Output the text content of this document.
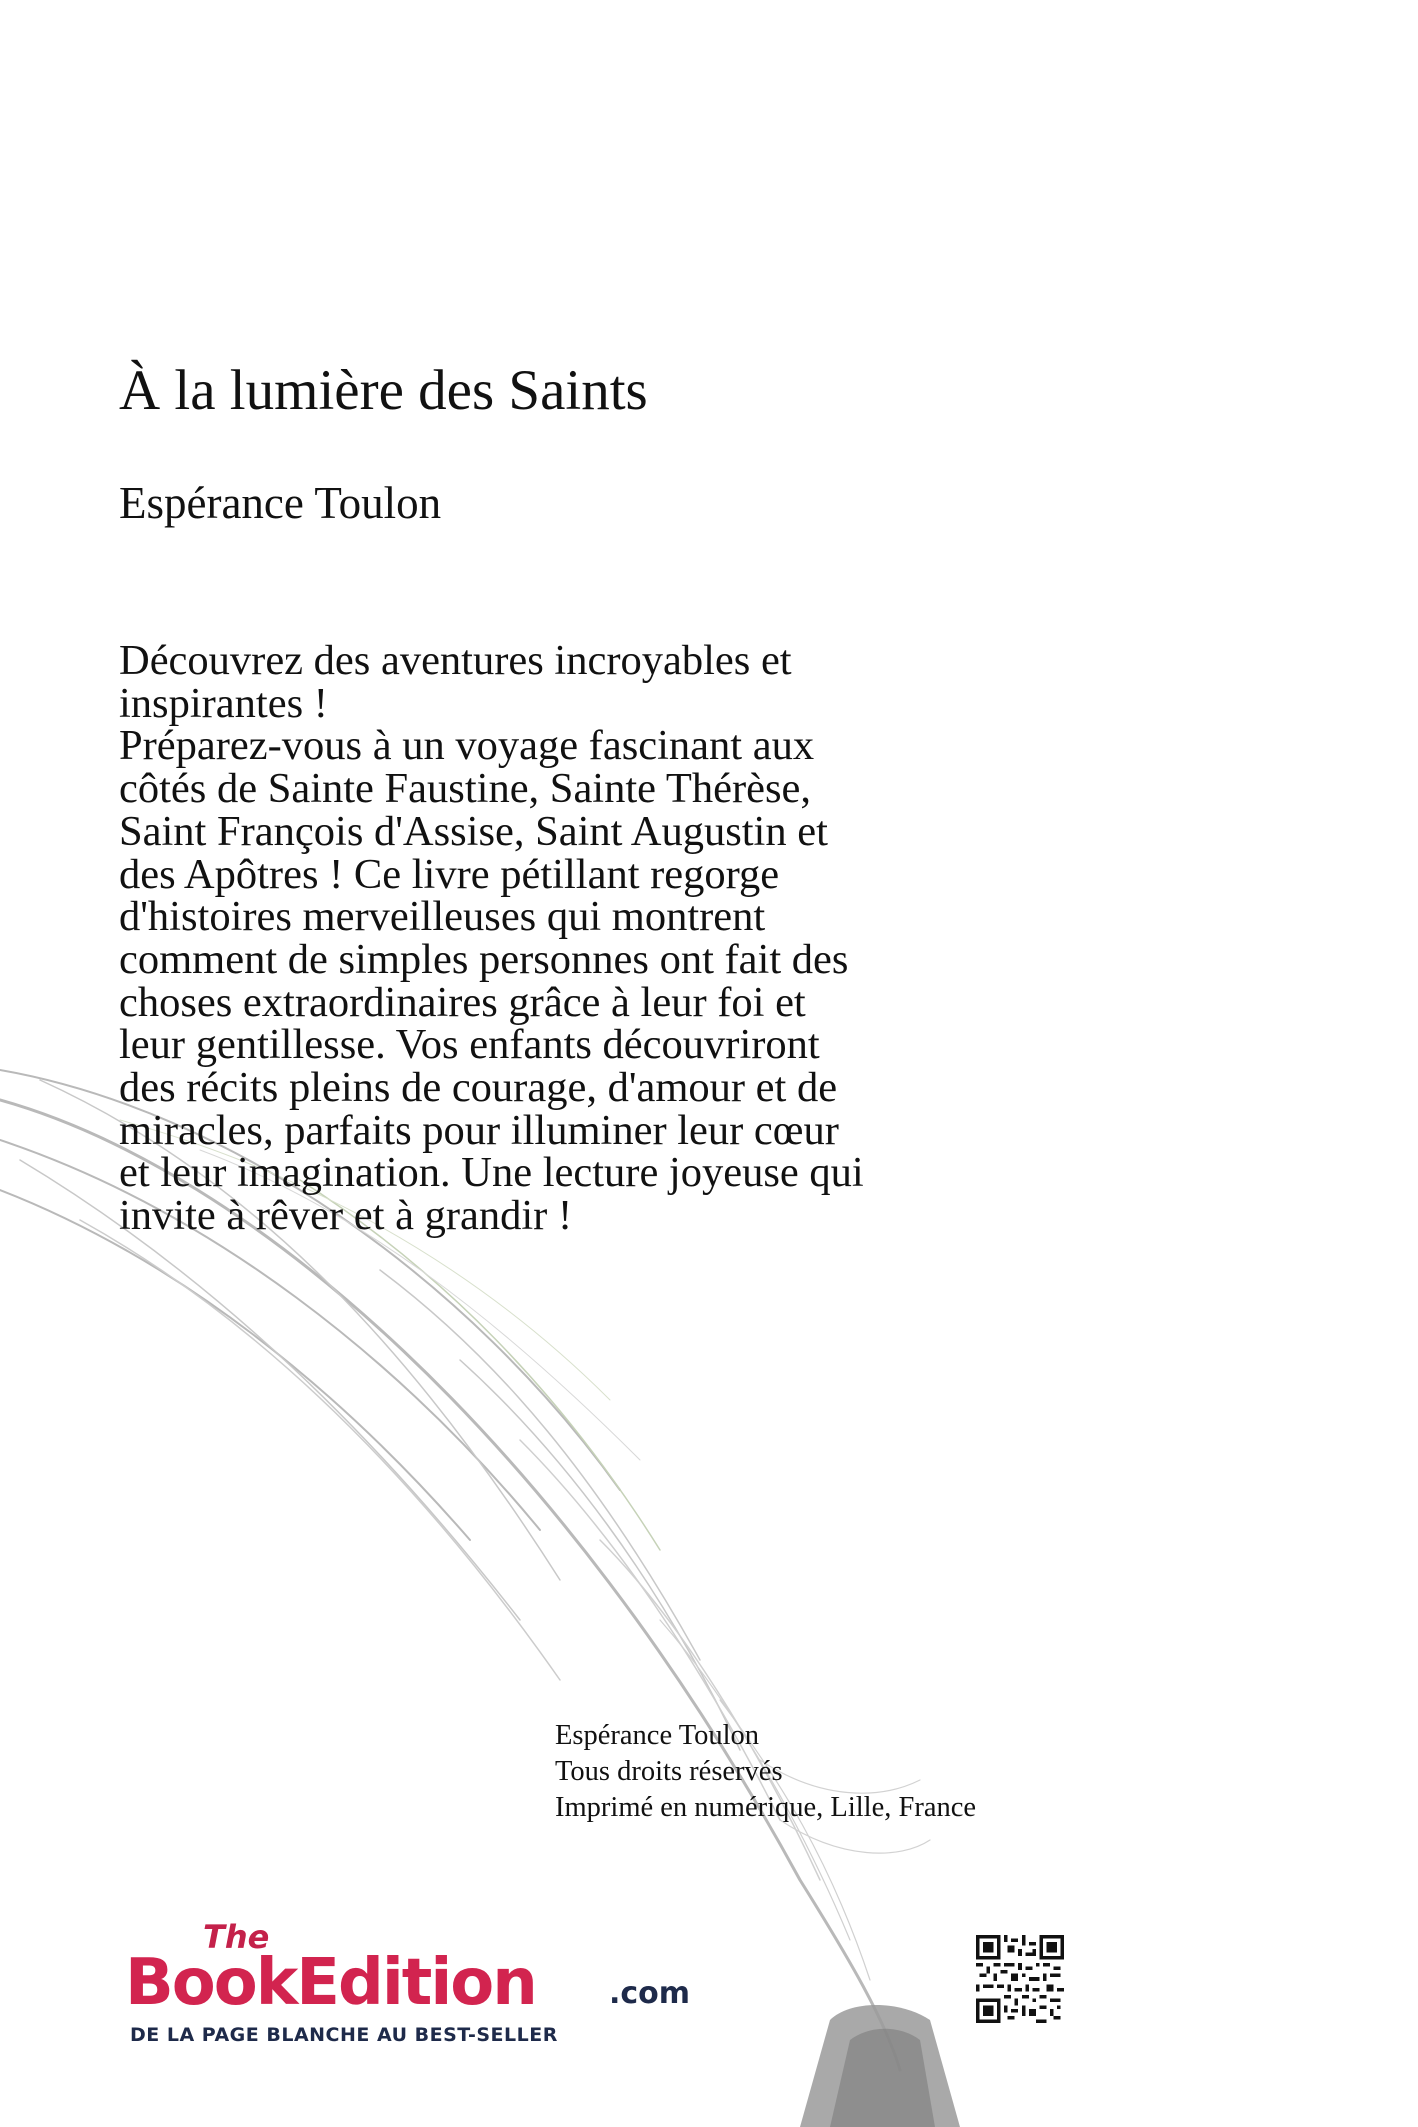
À la lumière des Saints
Espérance Toulon
Découvrez des aventures incroyables et
inspirantes !
Préparez-vous à un voyage fascinant aux
côtés de Sainte Faustine, Sainte Thérèse,
Saint François d'Assise, Saint Augustin et
des Apôtres ! Ce livre pétillant regorge
d'histoires merveilleuses qui montrent
comment de simples personnes ont fait des
choses extraordinaires grâce à leur foi et
leur gentillesse. Vos enfants découvriront
des récits pleins de courage, d'amour et de
miracles, parfaits pour illuminer leur cœur
et leur imagination. Une lecture joyeuse qui
invite à rêver et à grandir !
Espérance Toulon
Tous droits réservés
Imprimé en numérique, Lille, France
The
BookEdition .com
DE LA PAGE BLANCHE AU BEST-SELLER
